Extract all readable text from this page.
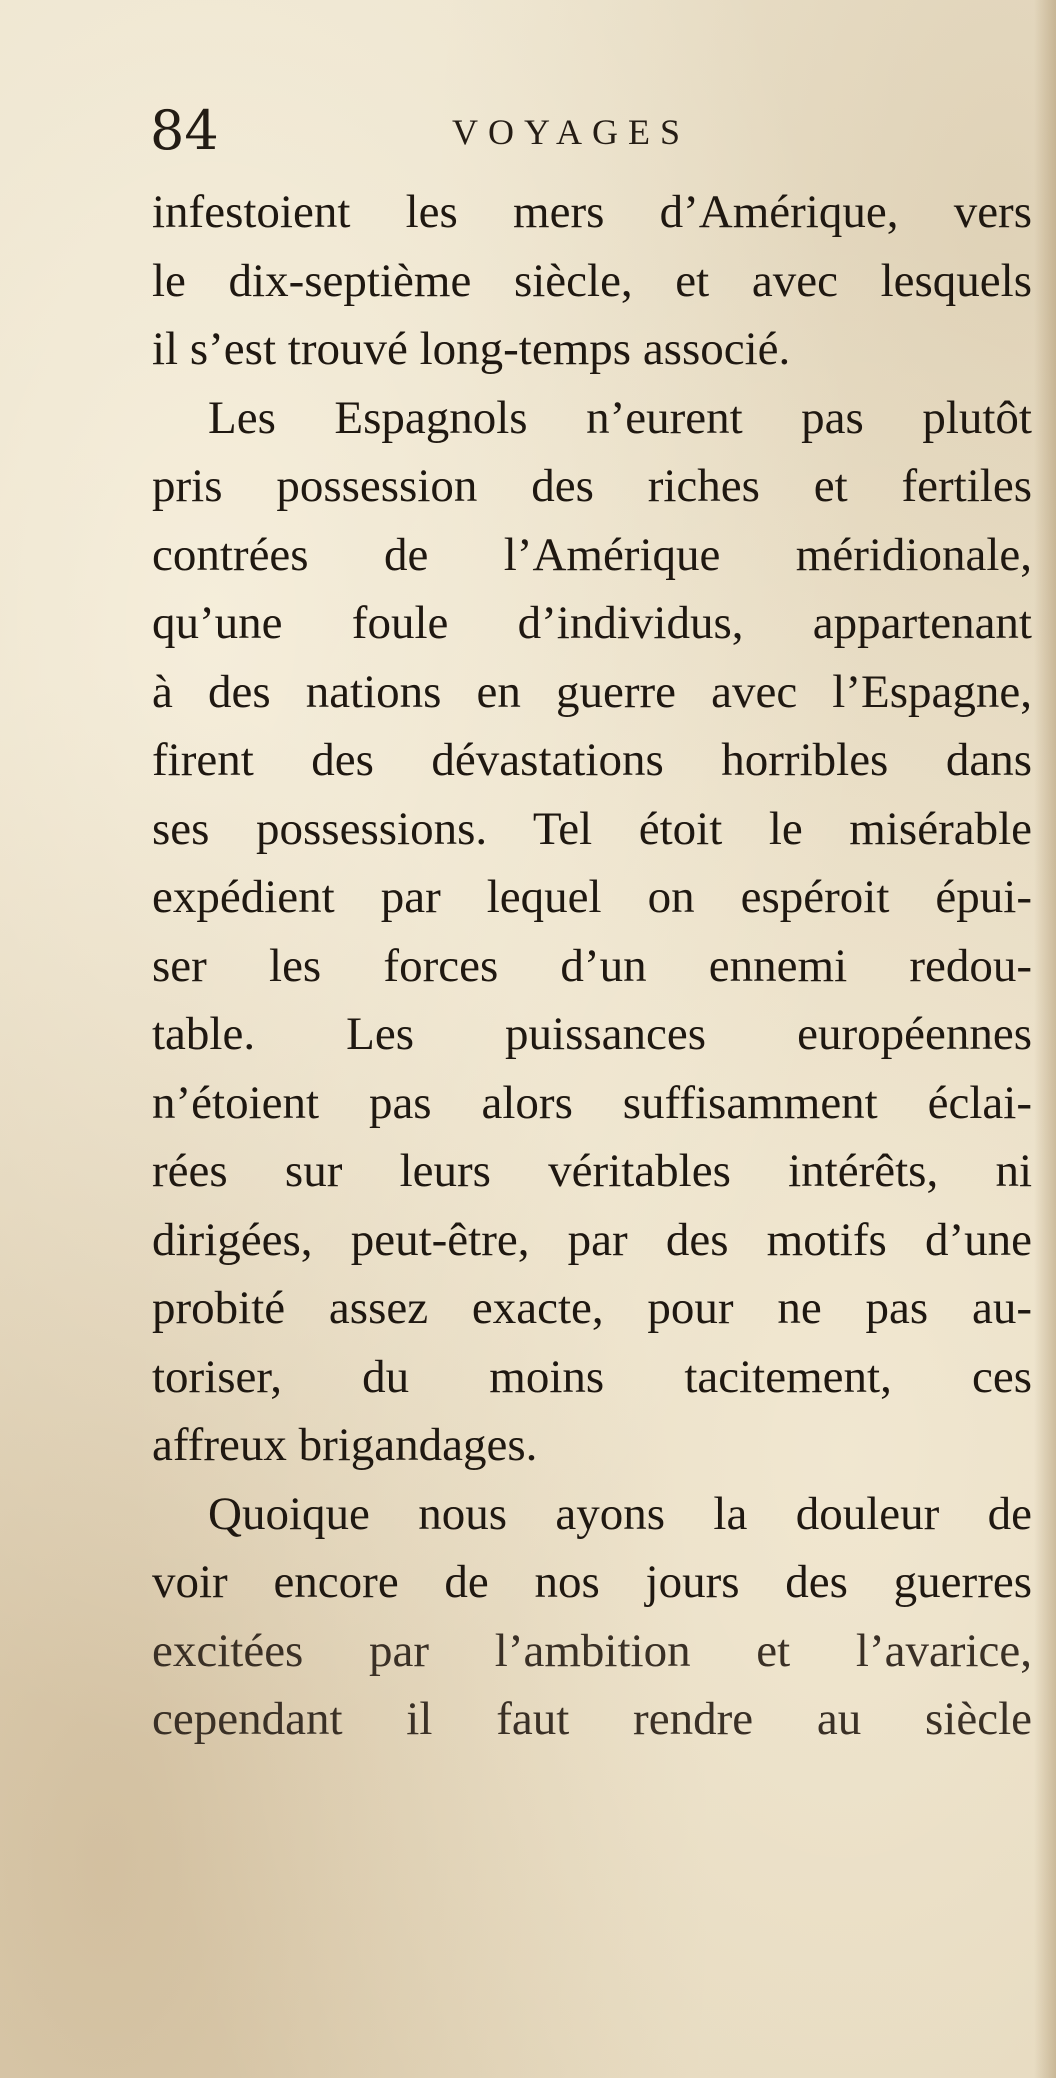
84	VOYAGES
infestoient les mers d’Amérique, vers
le dix-septième siècle, et avec lesquels
il s’est trouvé long-temps associé.
Les Espagnols n’eurent pas plutôt
pris possession des riches et fertiles
contrées de l’Amérique méridionale,
qu’une foule d’individus, appartenant
à des nations en guerre avec l’Espagne,
firent des dévastations horribles dans
ses possessions. Tel étoit le misérable
expédient par lequel on espéroit épui-
ser les forces d’un ennemi redou-
table. Les puissances européennes
n’étoient pas alors suffisamment éclai-
rées sur leurs véritables intérêts, ni
dirigées, peut-être, par des motifs d’une
probité assez exacte, pour ne pas au-
toriser, du moins tacitement, ces
affreux brigandages.
Quoique nous ayons la douleur de
voir encore de nos jours des guerres
excitées par l’ambition et l’avarice,
cependant il faut rendre au siècle
